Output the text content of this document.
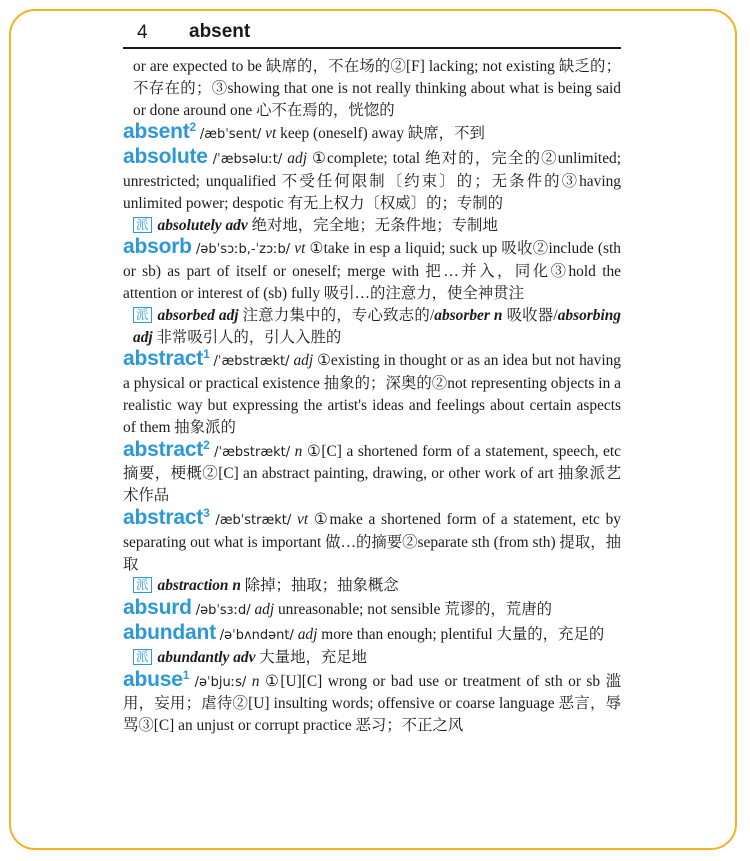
4 absent

or are expected to be 缺席的，不在场的②[F] lacking; not existing 缺乏的；不存在的；③showing that one is not really thinking about what is being said or done around one 心不在焉的，恍惚的

absent$^2$ /æbˈsent/ vt keep (oneself) away 缺席，不到

absolute /ˈæbsəluːt/ adj ①complete; total 绝对的，完全的②unlimited; unrestricted; unqualified 不受任何限制〔约束〕的；无条件的③having unlimited power; despotic 有无上权力〔权威〕的；专制的

派 absolutely adv 绝对地，完全地；无条件地；专制地

absorb /əbˈsɔːb,-ˈzɔːb/ vt ①take in esp a liquid; suck up 吸收②include (sth or sb) as part of itself or oneself; merge with 把…并入，同化③hold the attention or interest of (sb) fully 吸引…的注意力，使全神贯注

派 absorbed adj 注意力集中的，专心致志的/absorber n 吸收器/absorbing adj 非常吸引人的，引人入胜的

abstract$^1$ /ˈæbstrækt/ adj ①existing in thought or as an idea but not having a physical or practical existence 抽象的；深奥的②not representing objects in a realistic way but expressing the artist's ideas and feelings about certain aspects of them 抽象派的

abstract$^2$ /ˈæbstrækt/ n ①[C] a shortened form of a statement, speech, etc 摘要，梗概②[C] an abstract painting, drawing, or other work of art 抽象派艺术作品

abstract$^3$ /æbˈstrækt/ vt ①make a shortened form of a statement, etc by separating out what is important 做…的摘要②separate sth (from sth) 提取，抽取

派 abstraction n 除掉；抽取；抽象概念

absurd /əbˈsɜːd/ adj unreasonable; not sensible 荒谬的，荒唐的

abundant /əˈbʌndənt/ adj more than enough; plentiful 大量的，充足的

派 abundantly adv 大量地，充足地

abuse$^1$ /əˈbjuːs/ n ①[U][C] wrong or bad use or treatment of sth or sb 滥用，妄用；虐待②[U] insulting words; offensive or coarse language 恶言，辱骂③[C] an unjust or corrupt practice 恶习；不正之风
